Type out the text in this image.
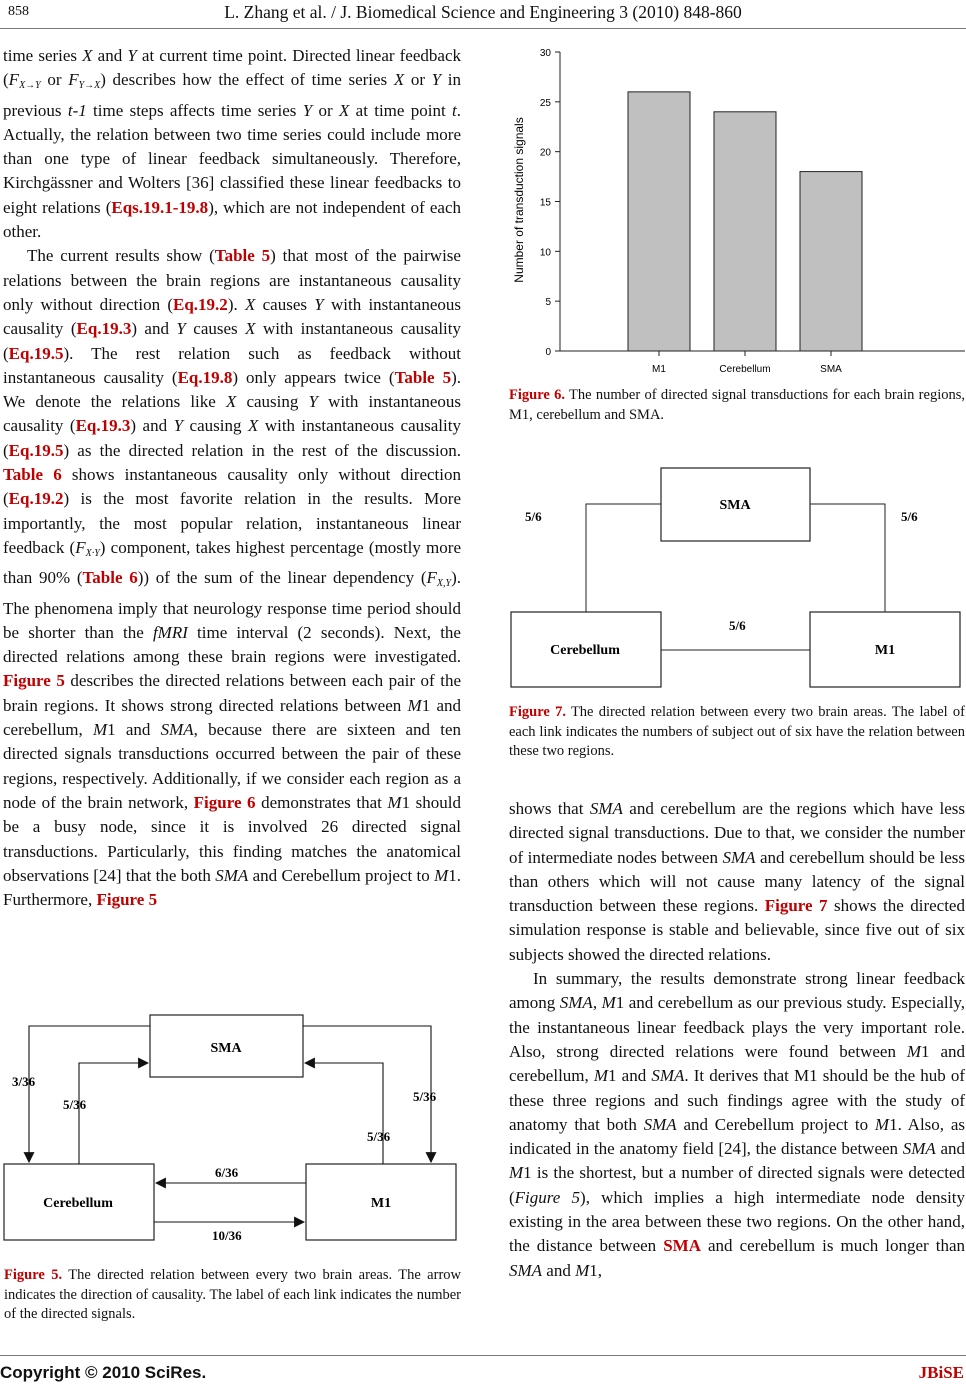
858	L. Zhang et al. / J. Biomedical Science and Engineering 3 (2010) 848-860

time series X and Y at current time point. Directed linear feedback ($F_{X\to Y}$ or $F_{Y\to X}$) describes how the effect of time series X or Y in previous t-1 time steps affects time series Y or X at time point t. Actually, the relation between two time series could include more than one type of linear feedback simultaneously. Therefore, Kirchgässner and Wolters [36] classified these linear feedbacks to eight relations (Eqs.19.1-19.8), which are not independent of each other.

The current results show (Table 5) that most of the pairwise relations between the brain regions are instantaneous causality only without direction (Eq.19.2). X causes Y with instantaneous causality (Eq.19.3) and Y causes X with instantaneous causality (Eq.19.5). The rest relation such as feedback without instantaneous causality (Eq.19.8) only appears twice (Table 5). We denote the relations like X causing Y with instantaneous causality (Eq.19.3) and Y causing X with instantaneous causality (Eq.19.5) as the directed relation in the rest of the discussion. Table 6 shows instantaneous causality only without direction (Eq.19.2) is the most favorite relation in the results. More importantly, the most popular relation, instantaneous linear feedback $(F_{X\cdot Y})$ component, takes highest percentage (mostly more than 90% (Table 6)) of the sum of the linear dependency $(F_{X,Y})$. The phenomena imply that neurology response time period should be shorter than the fMRI time interval (2 seconds). Next, the directed relations among these brain regions were investigated. Figure 5 describes the directed relations between each pair of the brain regions. It shows strong directed relations between M1 and cerebellum, M1 and SMA, because there are sixteen and ten directed signals transductions occurred between the pair of these regions, respectively. Additionally, if we consider each region as a node of the brain network, Figure 6 demonstrates that M1 should be a busy node, since it is involved 26 directed signal transductions. Particularly, this finding matches the anatomical observations [24] that the both SMA and Cerebellum project to M1. Furthermore, Figure 5

SMA
Cerebellum	M1
3/36
5/36
5/36
5/36
6/36
10/36
Figure 5. The directed relation between every two brain areas. The arrow indicates the direction of causality. The label of each link indicates the number of the directed signals.
Number of transduction signals
0
5
10
15
20
25
30
M1	Cerebellum	SMA
Figure 6. The number of directed signal transductions for each brain regions, M1, cerebellum and SMA.
SMA
Cerebellum	M1
5/6	5/6
5/6
Figure 7. The directed relation between every two brain areas. The label of each link indicates the numbers of subject out of six have the relation between these two regions.

shows that SMA and cerebellum are the regions which have less directed signal transductions. Due to that, we consider the number of intermediate nodes between SMA and cerebellum should be less than others which will not cause many latency of the signal transduction between these regions. Figure 7 shows the directed simulation response is stable and believable, since five out of six subjects showed the directed relations.

In summary, the results demonstrate strong linear feedback among SMA, M1 and cerebellum as our previous study. Especially, the instantaneous linear feedback plays the very important role. Also, strong directed relations were found between M1 and cerebellum, M1 and SMA. It derives that M1 should be the hub of these three regions and such findings agree with the study of anatomy that both SMA and Cerebellum project to M1. Also, as indicated in the anatomy field [24], the distance between SMA and M1 is the shortest, but a number of directed signals were detected (Figure 5), which implies a high intermediate node density existing in the area between these two regions. On the other hand, the distance between SMA and cerebellum is much longer than SMA and M1,

Copyright © 2010 SciRes.	JBiSE
